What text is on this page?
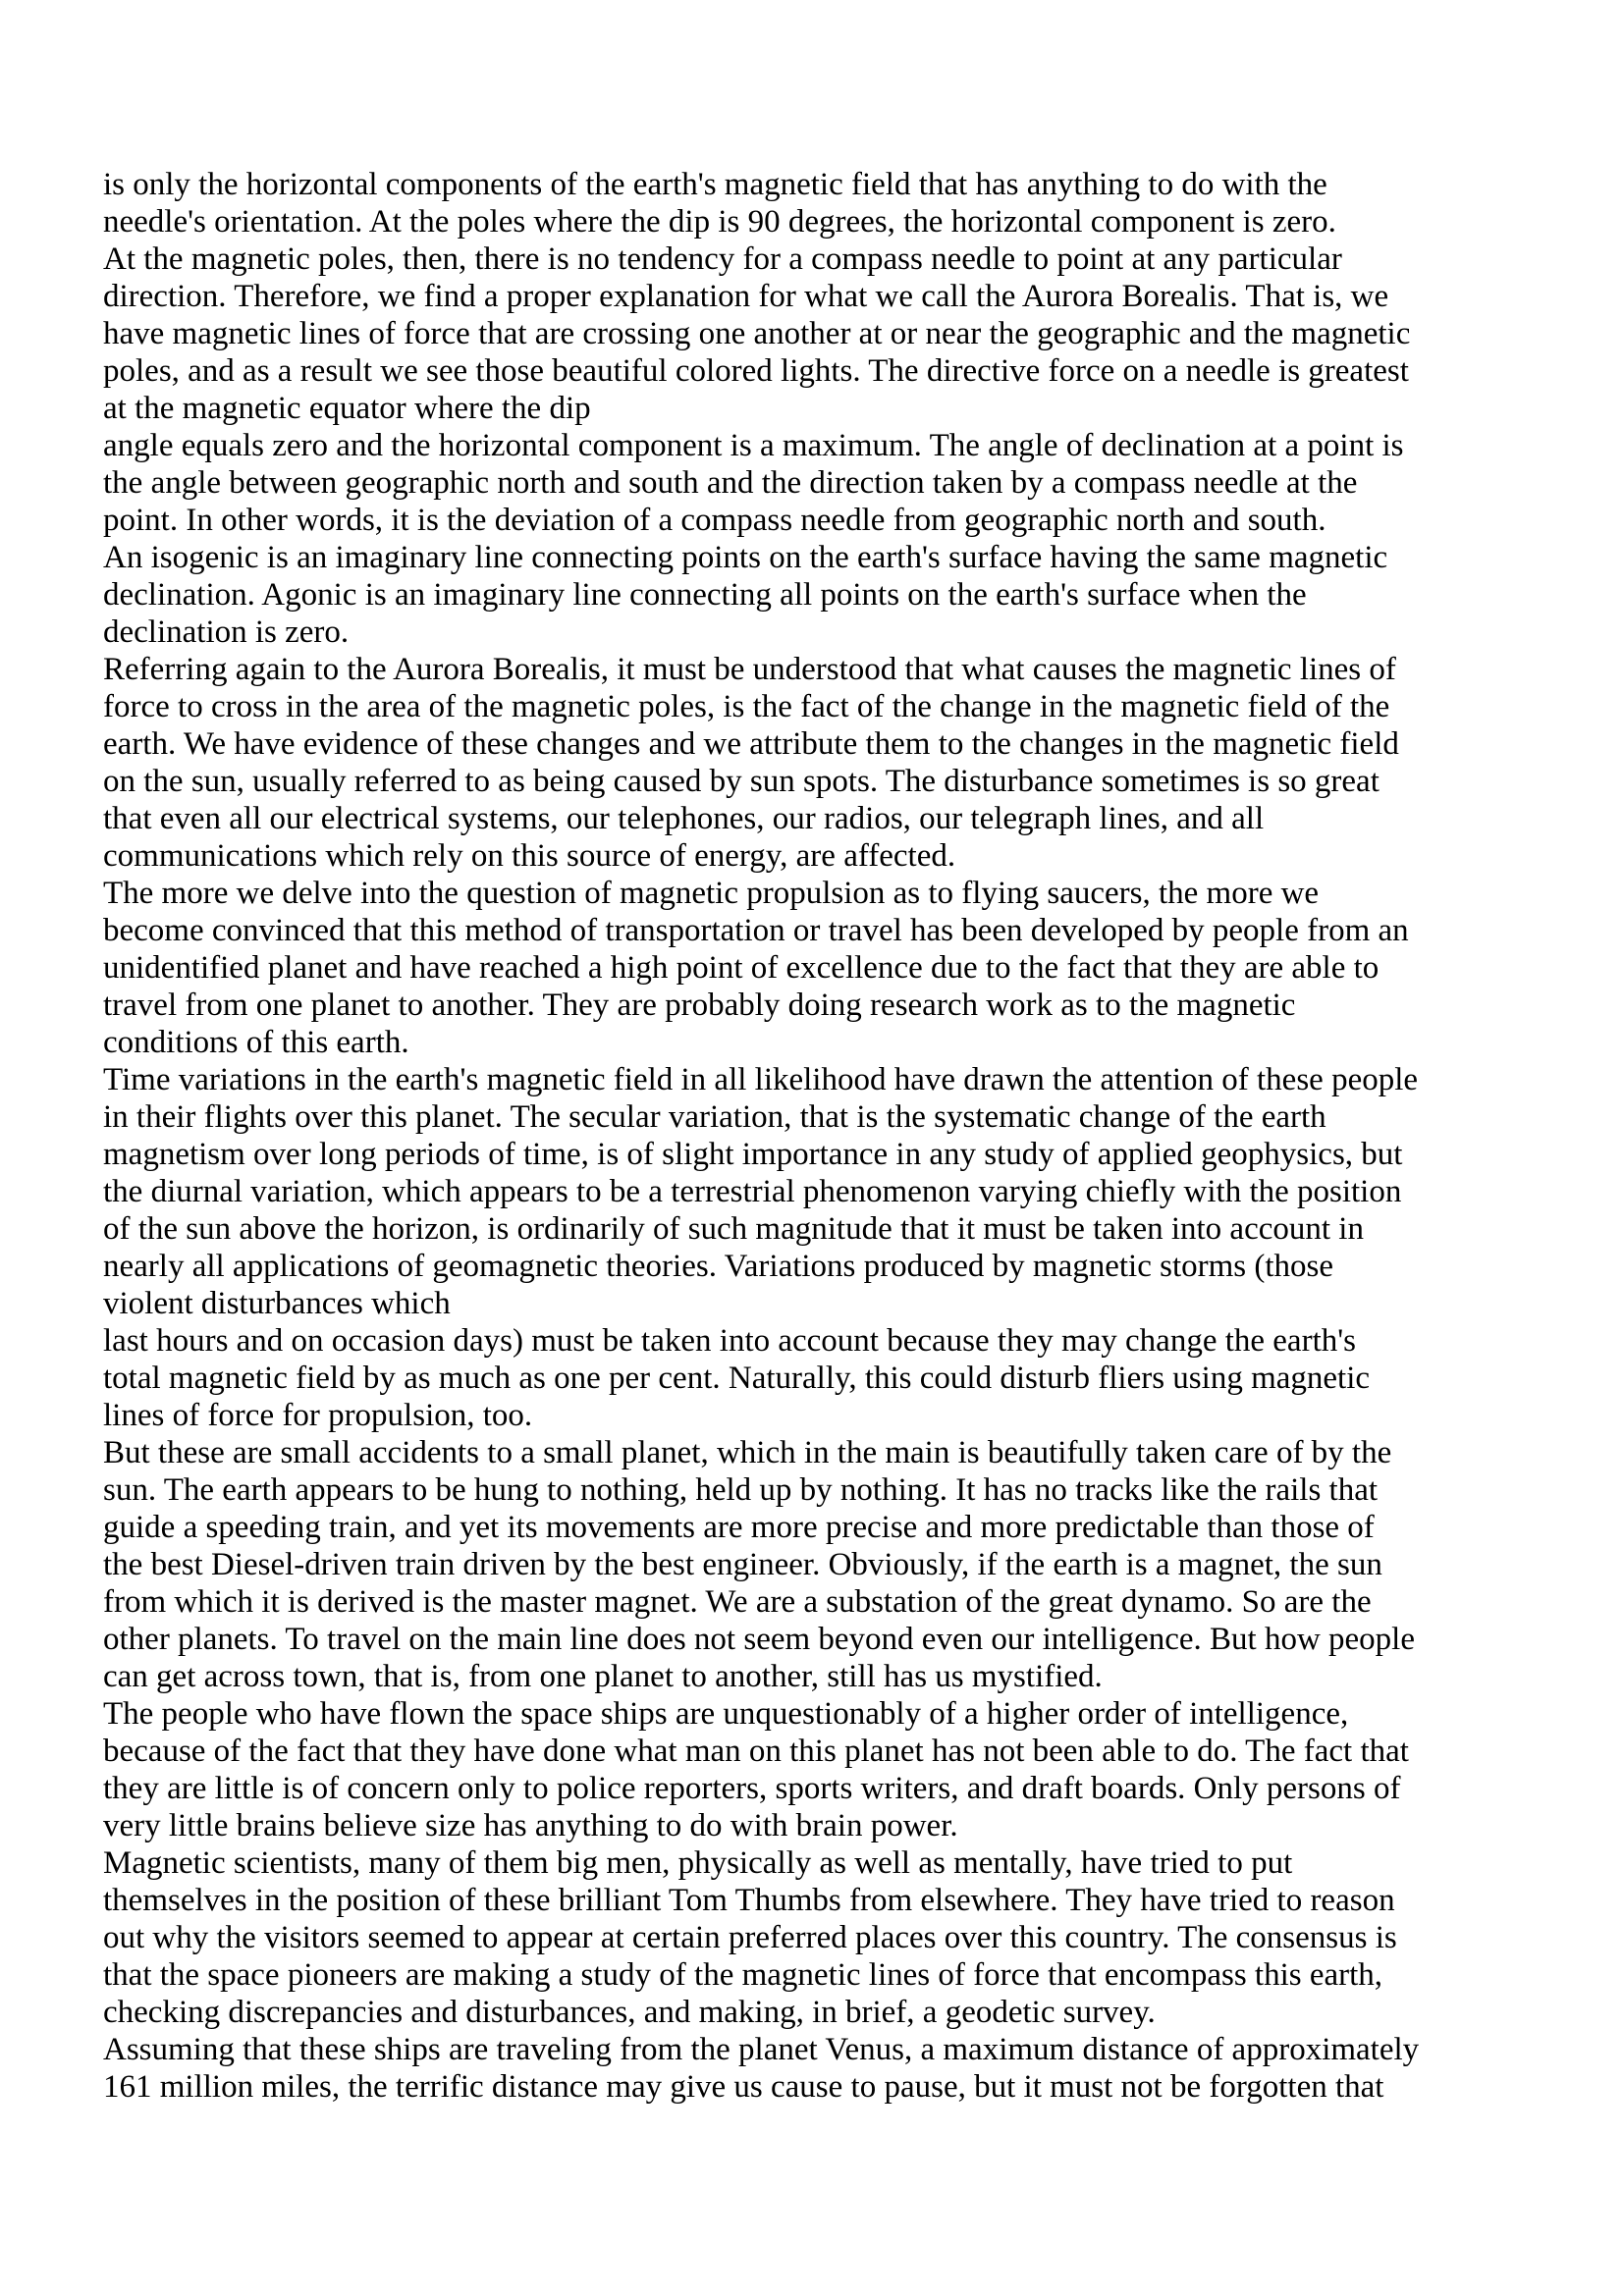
is only the horizontal components of the earth's magnetic field that has anything to do with the
needle's orientation. At the poles where the dip is 90 degrees, the horizontal component is zero.
At the magnetic poles, then, there is no tendency for a compass needle to point at any particular
direction. Therefore, we find a proper explanation for what we call the Aurora Borealis. That is, we
have magnetic lines of force that are crossing one another at or near the geographic and the magnetic
poles, and as a result we see those beautiful colored lights. The directive force on a needle is greatest
at the magnetic equator where the dip
angle equals zero and the horizontal component is a maximum. The angle of declination at a point is
the angle between geographic north and south and the direction taken by a compass needle at the
point. In other words, it is the deviation of a compass needle from geographic north and south.
An isogenic is an imaginary line connecting points on the earth's surface having the same magnetic
declination. Agonic is an imaginary line connecting all points on the earth's surface when the
declination is zero.
Referring again to the Aurora Borealis, it must be understood that what causes the magnetic lines of
force to cross in the area of the magnetic poles, is the fact of the change in the magnetic field of the
earth. We have evidence of these changes and we attribute them to the changes in the magnetic field
on the sun, usually referred to as being caused by sun spots. The disturbance sometimes is so great
that even all our electrical systems, our telephones, our radios, our telegraph lines, and all
communications which rely on this source of energy, are affected.
The more we delve into the question of magnetic propulsion as to flying saucers, the more we
become convinced that this method of transportation or travel has been developed by people from an
unidentified planet and have reached a high point of excellence due to the fact that they are able to
travel from one planet to another. They are probably doing research work as to the magnetic
conditions of this earth.
Time variations in the earth's magnetic field in all likelihood have drawn the attention of these people
in their flights over this planet. The secular variation, that is the systematic change of the earth
magnetism over long periods of time, is of slight importance in any study of applied geophysics, but
the diurnal variation, which appears to be a terrestrial phenomenon varying chiefly with the position
of the sun above the horizon, is ordinarily of such magnitude that it must be taken into account in
nearly all applications of geomagnetic theories. Variations produced by magnetic storms (those
violent disturbances which
last hours and on occasion days) must be taken into account because they may change the earth's
total magnetic field by as much as one per cent. Naturally, this could disturb fliers using magnetic
lines of force for propulsion, too.
But these are small accidents to a small planet, which in the main is beautifully taken care of by the
sun. The earth appears to be hung to nothing, held up by nothing. It has no tracks like the rails that
guide a speeding train, and yet its movements are more precise and more predictable than those of
the best Diesel-driven train driven by the best engineer. Obviously, if the earth is a magnet, the sun
from which it is derived is the master magnet. We are a substation of the great dynamo. So are the
other planets. To travel on the main line does not seem beyond even our intelligence. But how people
can get across town, that is, from one planet to another, still has us mystified.
The people who have flown the space ships are unquestionably of a higher order of intelligence,
because of the fact that they have done what man on this planet has not been able to do. The fact that
they are little is of concern only to police reporters, sports writers, and draft boards. Only persons of
very little brains believe size has anything to do with brain power.
Magnetic scientists, many of them big men, physically as well as mentally, have tried to put
themselves in the position of these brilliant Tom Thumbs from elsewhere. They have tried to reason
out why the visitors seemed to appear at certain preferred places over this country. The consensus is
that the space pioneers are making a study of the magnetic lines of force that encompass this earth,
checking discrepancies and disturbances, and making, in brief, a geodetic survey.
Assuming that these ships are traveling from the planet Venus, a maximum distance of approximately
161 million miles, the terrific distance may give us cause to pause, but it must not be forgotten that
